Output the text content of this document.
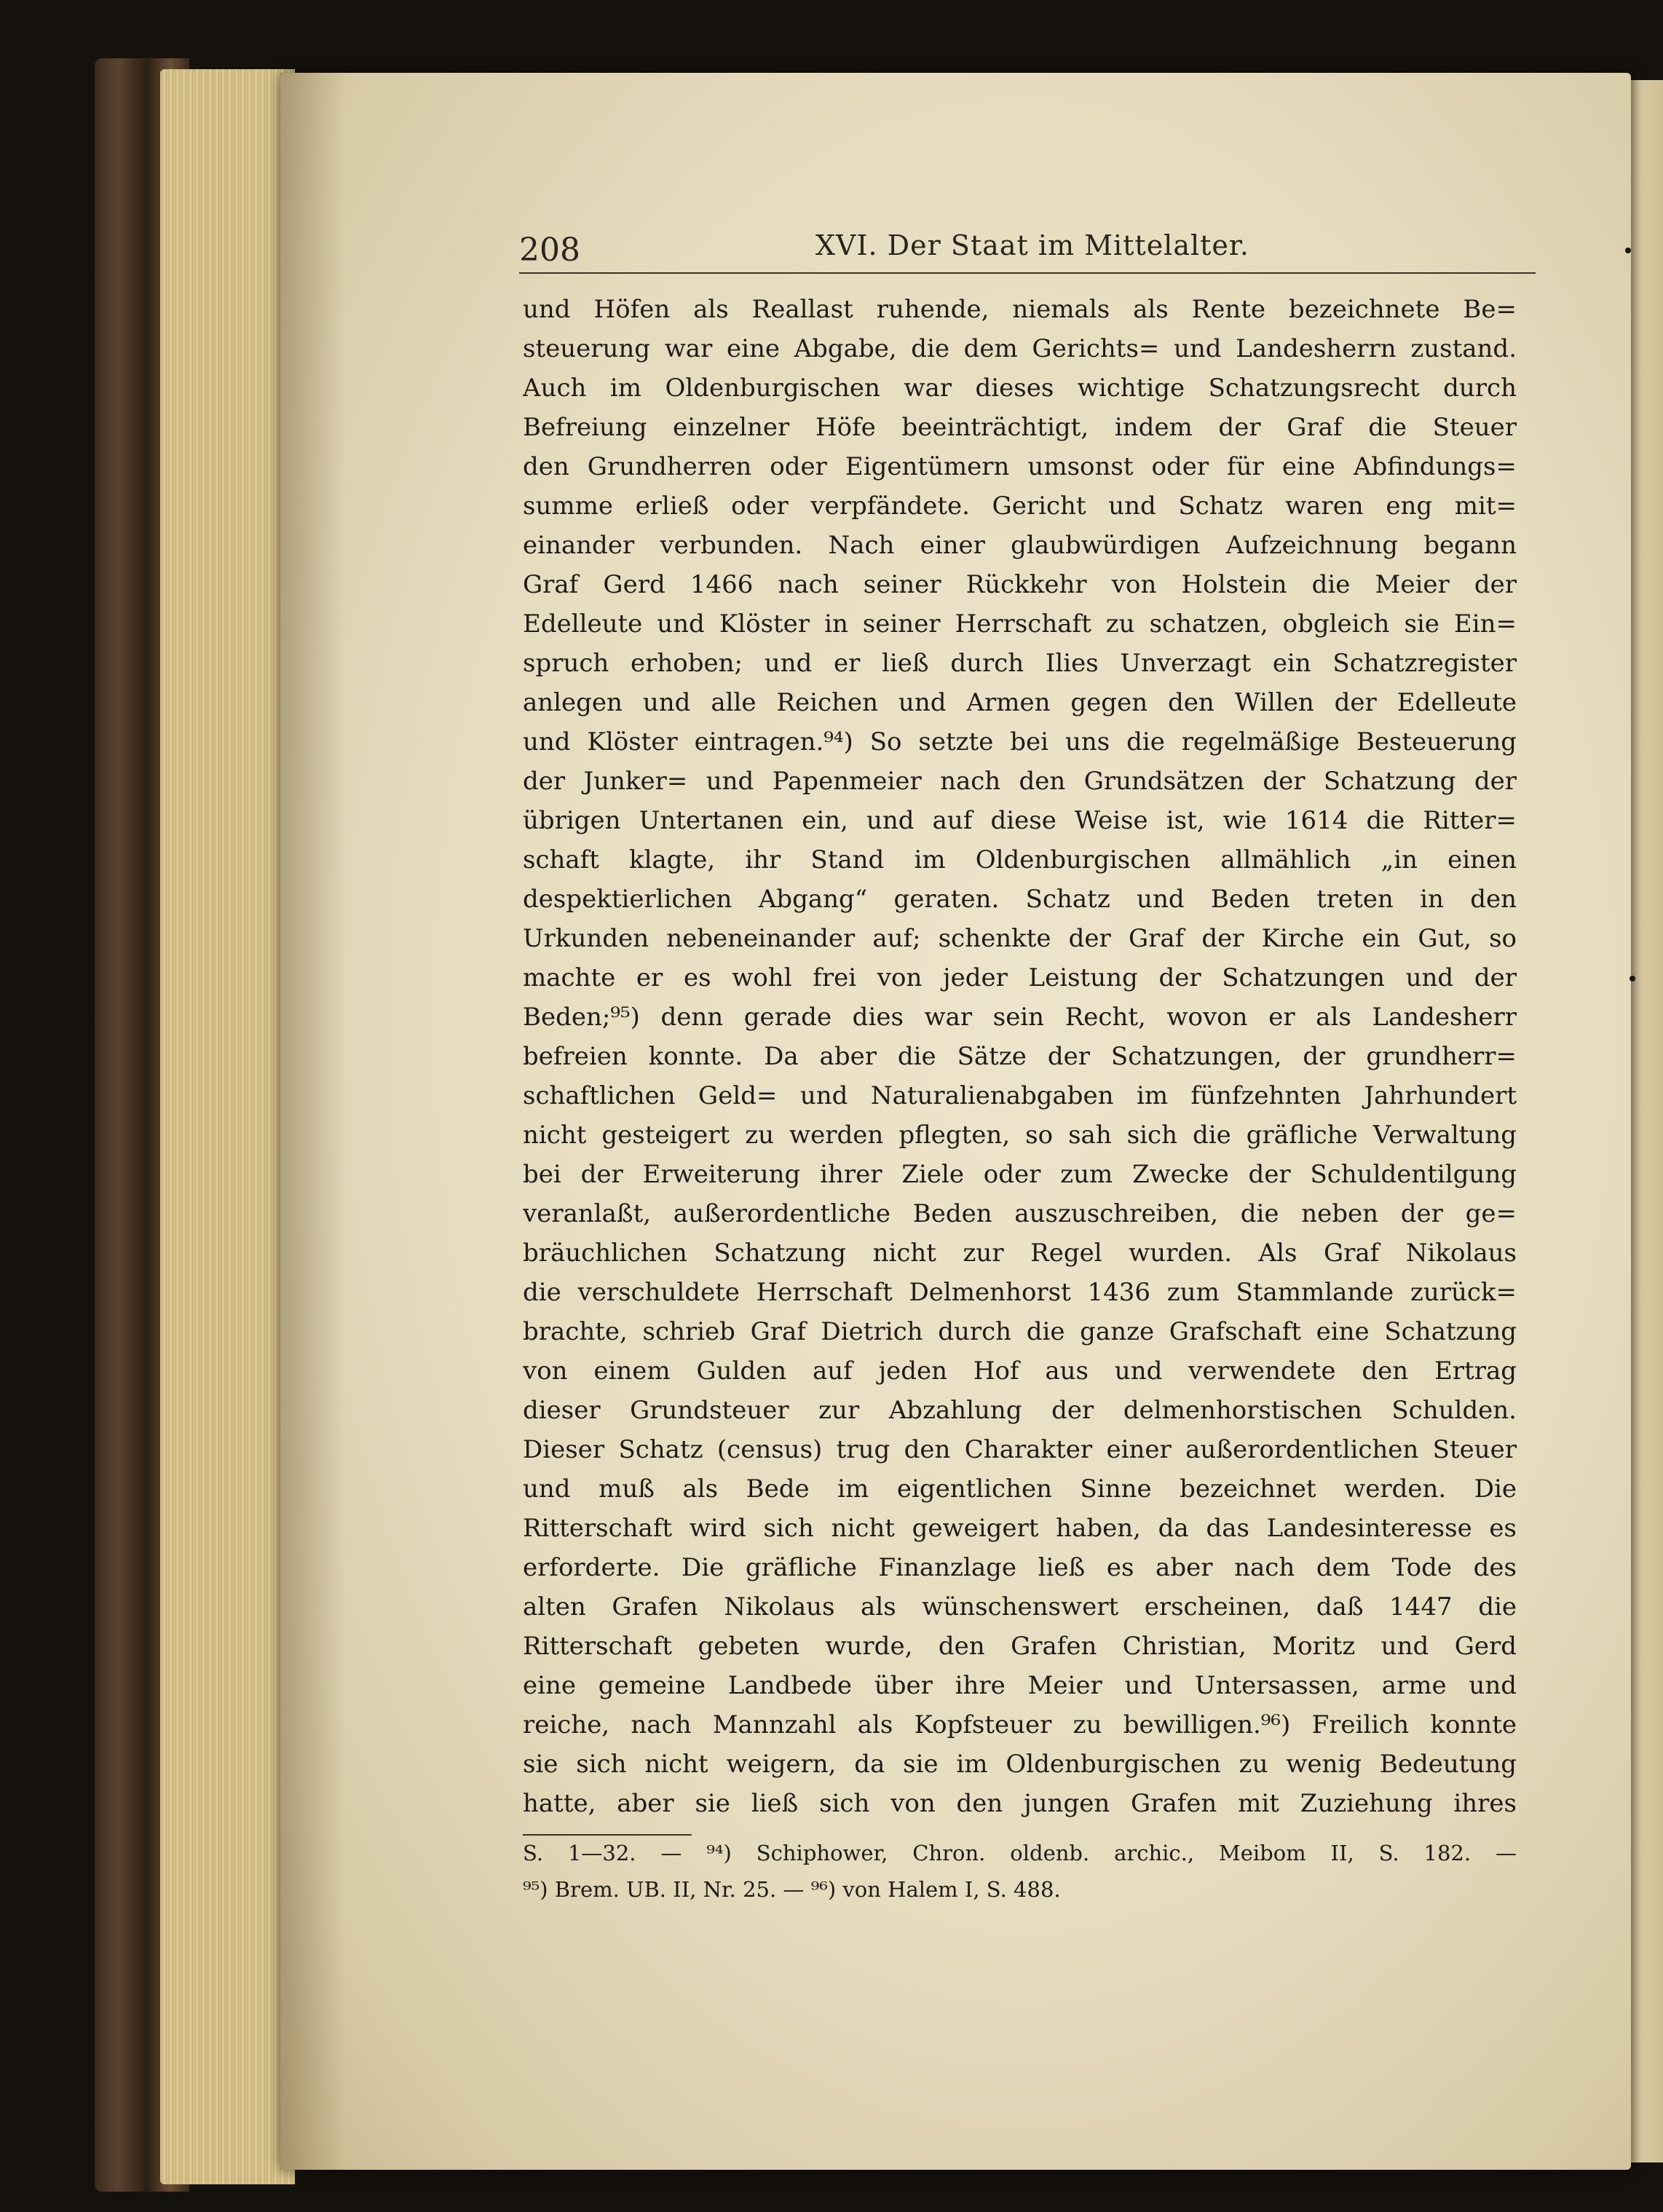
208	XVI. Der Staat im Mittelalter.
und Höfen als Reallast ruhende, niemals als Rente bezeichnete Be=
steuerung war eine Abgabe, die dem Gerichts= und Landesherrn zustand.
Auch im Oldenburgischen war dieses wichtige Schatzungsrecht durch
Befreiung einzelner Höfe beeinträchtigt, indem der Graf die Steuer
den Grundherren oder Eigentümern umsonst oder für eine Abfindungs=
summe erließ oder verpfändete. Gericht und Schatz waren eng mit=
einander verbunden. Nach einer glaubwürdigen Aufzeichnung begann
Graf Gerd 1466 nach seiner Rückkehr von Holstein die Meier der
Edelleute und Klöster in seiner Herrschaft zu schatzen, obgleich sie Ein=
spruch erhoben; und er ließ durch Ilies Unverzagt ein Schatzregister
anlegen und alle Reichen und Armen gegen den Willen der Edelleute
und Klöster eintragen.⁹⁴) So setzte bei uns die regelmäßige Besteuerung
der Junker= und Papenmeier nach den Grundsätzen der Schatzung der
übrigen Untertanen ein, und auf diese Weise ist, wie 1614 die Ritter=
schaft klagte, ihr Stand im Oldenburgischen allmählich „in einen
despektierlichen Abgang“ geraten. Schatz und Beden treten in den
Urkunden nebeneinander auf; schenkte der Graf der Kirche ein Gut, so
machte er es wohl frei von jeder Leistung der Schatzungen und der
Beden;⁹⁵) denn gerade dies war sein Recht, wovon er als Landesherr
befreien konnte. Da aber die Sätze der Schatzungen, der grundherr=
schaftlichen Geld= und Naturalienabgaben im fünfzehnten Jahrhundert
nicht gesteigert zu werden pflegten, so sah sich die gräfliche Verwaltung
bei der Erweiterung ihrer Ziele oder zum Zwecke der Schuldentilgung
veranlaßt, außerordentliche Beden auszuschreiben, die neben der ge=
bräuchlichen Schatzung nicht zur Regel wurden. Als Graf Nikolaus
die verschuldete Herrschaft Delmenhorst 1436 zum Stammlande zurück=
brachte, schrieb Graf Dietrich durch die ganze Grafschaft eine Schatzung
von einem Gulden auf jeden Hof aus und verwendete den Ertrag
dieser Grundsteuer zur Abzahlung der delmenhorstischen Schulden.
Dieser Schatz (census) trug den Charakter einer außerordentlichen Steuer
und muß als Bede im eigentlichen Sinne bezeichnet werden. Die
Ritterschaft wird sich nicht geweigert haben, da das Landesinteresse es
erforderte. Die gräfliche Finanzlage ließ es aber nach dem Tode des
alten Grafen Nikolaus als wünschenswert erscheinen, daß 1447 die
Ritterschaft gebeten wurde, den Grafen Christian, Moritz und Gerd
eine gemeine Landbede über ihre Meier und Untersassen, arme und
reiche, nach Mannzahl als Kopfsteuer zu bewilligen.⁹⁶) Freilich konnte
sie sich nicht weigern, da sie im Oldenburgischen zu wenig Bedeutung
hatte, aber sie ließ sich von den jungen Grafen mit Zuziehung ihres
S. 1—32. — ⁹⁴) Schiphower, Chron. oldenb. archic., Meibom II, S. 182. —
⁹⁵) Brem. UB. II, Nr. 25. — ⁹⁶) von Halem I, S. 488.
